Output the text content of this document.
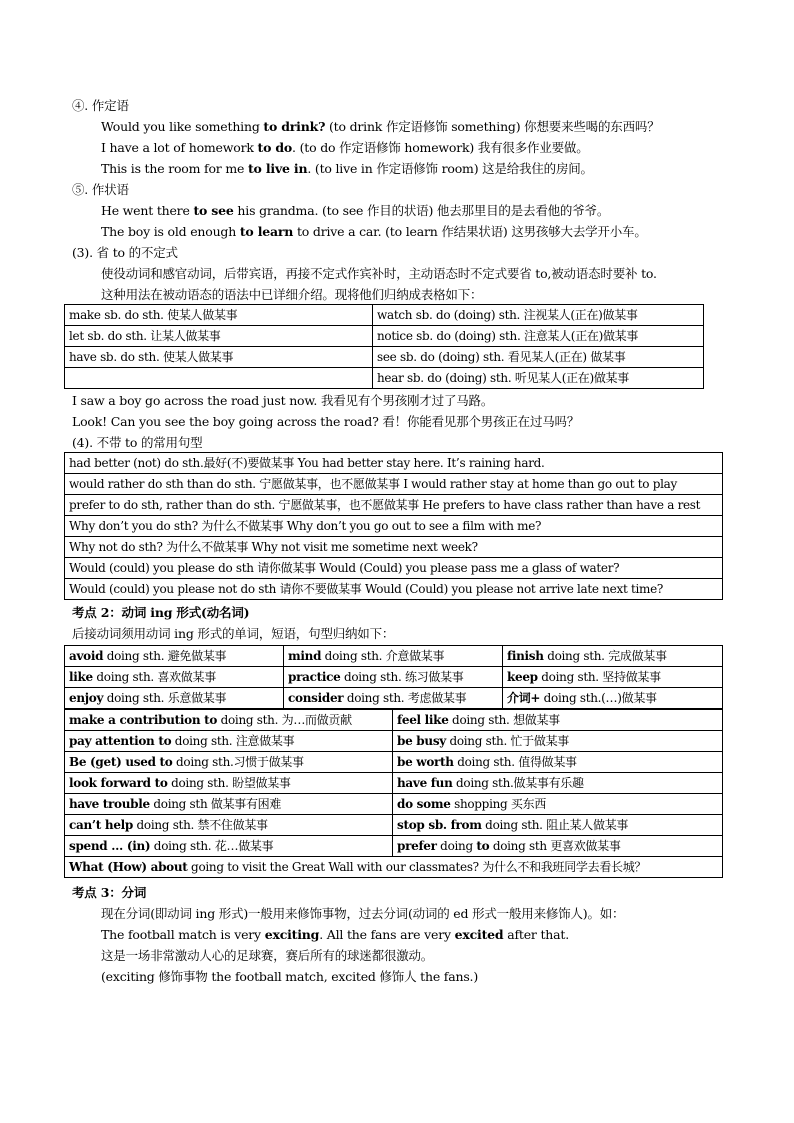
④. 作定语
Would you like something to drink? (to drink 作定语修饰 something) 你想要来些喝的东西吗？
I have a lot of homework to do. (to do 作定语修饰 homework) 我有很多作业要做。
This is the room for me to live in. (to live in 作定语修饰 room) 这是给我住的房间。
⑤. 作状语
He went there to see his grandma. (to see 作目的状语) 他去那里目的是去看他的爷爷。
The boy is old enough to learn to drive a car. (to learn 作结果状语) 这男孩够大去学开小车。
(3). 省 to 的不定式
使役动词和感官动词，后带宾语，再接不定式作宾补时，主动语态时不定式要省 to,被动语态时要补 to.
这种用法在被动语态的语法中已详细介绍。现将他们归纳成表格如下：
make sb. do sth. 使某人做某事	watch sb. do (doing) sth. 注视某人(正在)做某事
let sb. do sth. 让某人做某事	notice sb. do (doing) sth. 注意某人(正在)做某事
have sb. do sth. 使某人做某事	see sb. do (doing) sth. 看见某人(正在) 做某事
	hear sb. do (doing) sth. 听见某人(正在)做某事
I saw a boy go across the road just now. 我看见有个男孩刚才过了马路。
Look! Can you see the boy going across the road? 看！你能看见那个男孩正在过马吗？
(4). 不带 to 的常用句型
had better (not) do sth.最好(不)要做某事 You had better stay here. It’s raining hard.
would rather do sth than do sth. 宁愿做某事，也不愿做某事 I would rather stay at home than go out to play
prefer to do sth, rather than do sth. 宁愿做某事，也不愿做某事 He prefers to have class rather than have a rest
Why don’t you do sth? 为什么不做某事 Why don’t you go out to see a film with me?
Why not do sth? 为什么不做某事 Why not visit me sometime next week?
Would (could) you please do sth 请你做某事 Would (Could) you please pass me a glass of water?
Would (could) you please not do sth 请你不要做某事 Would (Could) you please not arrive late next time?
考点 2：动词 ing 形式(动名词)
后接动词须用动词 ing 形式的单词，短语，句型归纳如下：
avoid doing sth. 避免做某事	mind doing sth. 介意做某事	finish doing sth. 完成做某事
like doing sth. 喜欢做某事	practice doing sth. 练习做某事	keep doing sth. 坚持做某事
enjoy doing sth. 乐意做某事	consider doing sth. 考虑做某事	介词+ doing sth.(…)做某事
make a contribution to doing sth. 为…而做贡献	feel like doing sth. 想做某事
pay attention to doing sth. 注意做某事	be busy doing sth. 忙于做某事
Be (get) used to doing sth.习惯于做某事	be worth doing sth. 值得做某事
look forward to doing sth. 盼望做某事	have fun doing sth.做某事有乐趣
have trouble doing sth 做某事有困难	do some shopping 买东西
can’t help doing sth. 禁不住做某事	stop sb. from doing sth. 阻止某人做某事
spend … (in) doing sth. 花…做某事	prefer doing to doing sth 更喜欢做某事
What (How) about going to visit the Great Wall with our classmates? 为什么不和我班同学去看长城？	
考点 3：分词
现在分词(即动词 ing 形式)一般用来修饰事物，过去分词(动词的 ed 形式一般用来修饰人)。如：
The football match is very exciting. All the fans are very excited after that.
这是一场非常激动人心的足球赛，赛后所有的球迷都很激动。
(exciting 修饰事物 the football match, excited 修饰人 the fans.)
